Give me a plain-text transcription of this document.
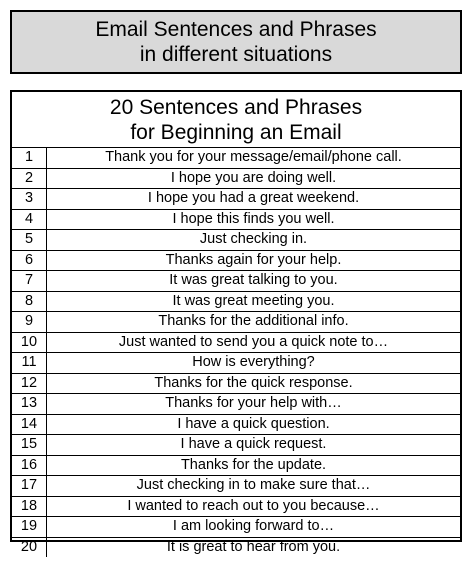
Email Sentences and Phrases
in different situations
20 Sentences and Phrases
for Beginning an Email
1	Thank you for your message/email/phone call.
2	I hope you are doing well.
3	I hope you had a great weekend.
4	I hope this finds you well.
5	Just checking in.
6	Thanks again for your help.
7	It was great talking to you.
8	It was great meeting you.
9	Thanks for the additional info.
10	Just wanted to send you a quick note to…
11	How is everything?
12	Thanks for the quick response.
13	Thanks for your help with…
14	I have a quick question.
15	I have a quick request.
16	Thanks for the update.
17	Just checking in to make sure that…
18	I wanted to reach out to you because…
19	I am looking forward to…
20	It is great to hear from you.
